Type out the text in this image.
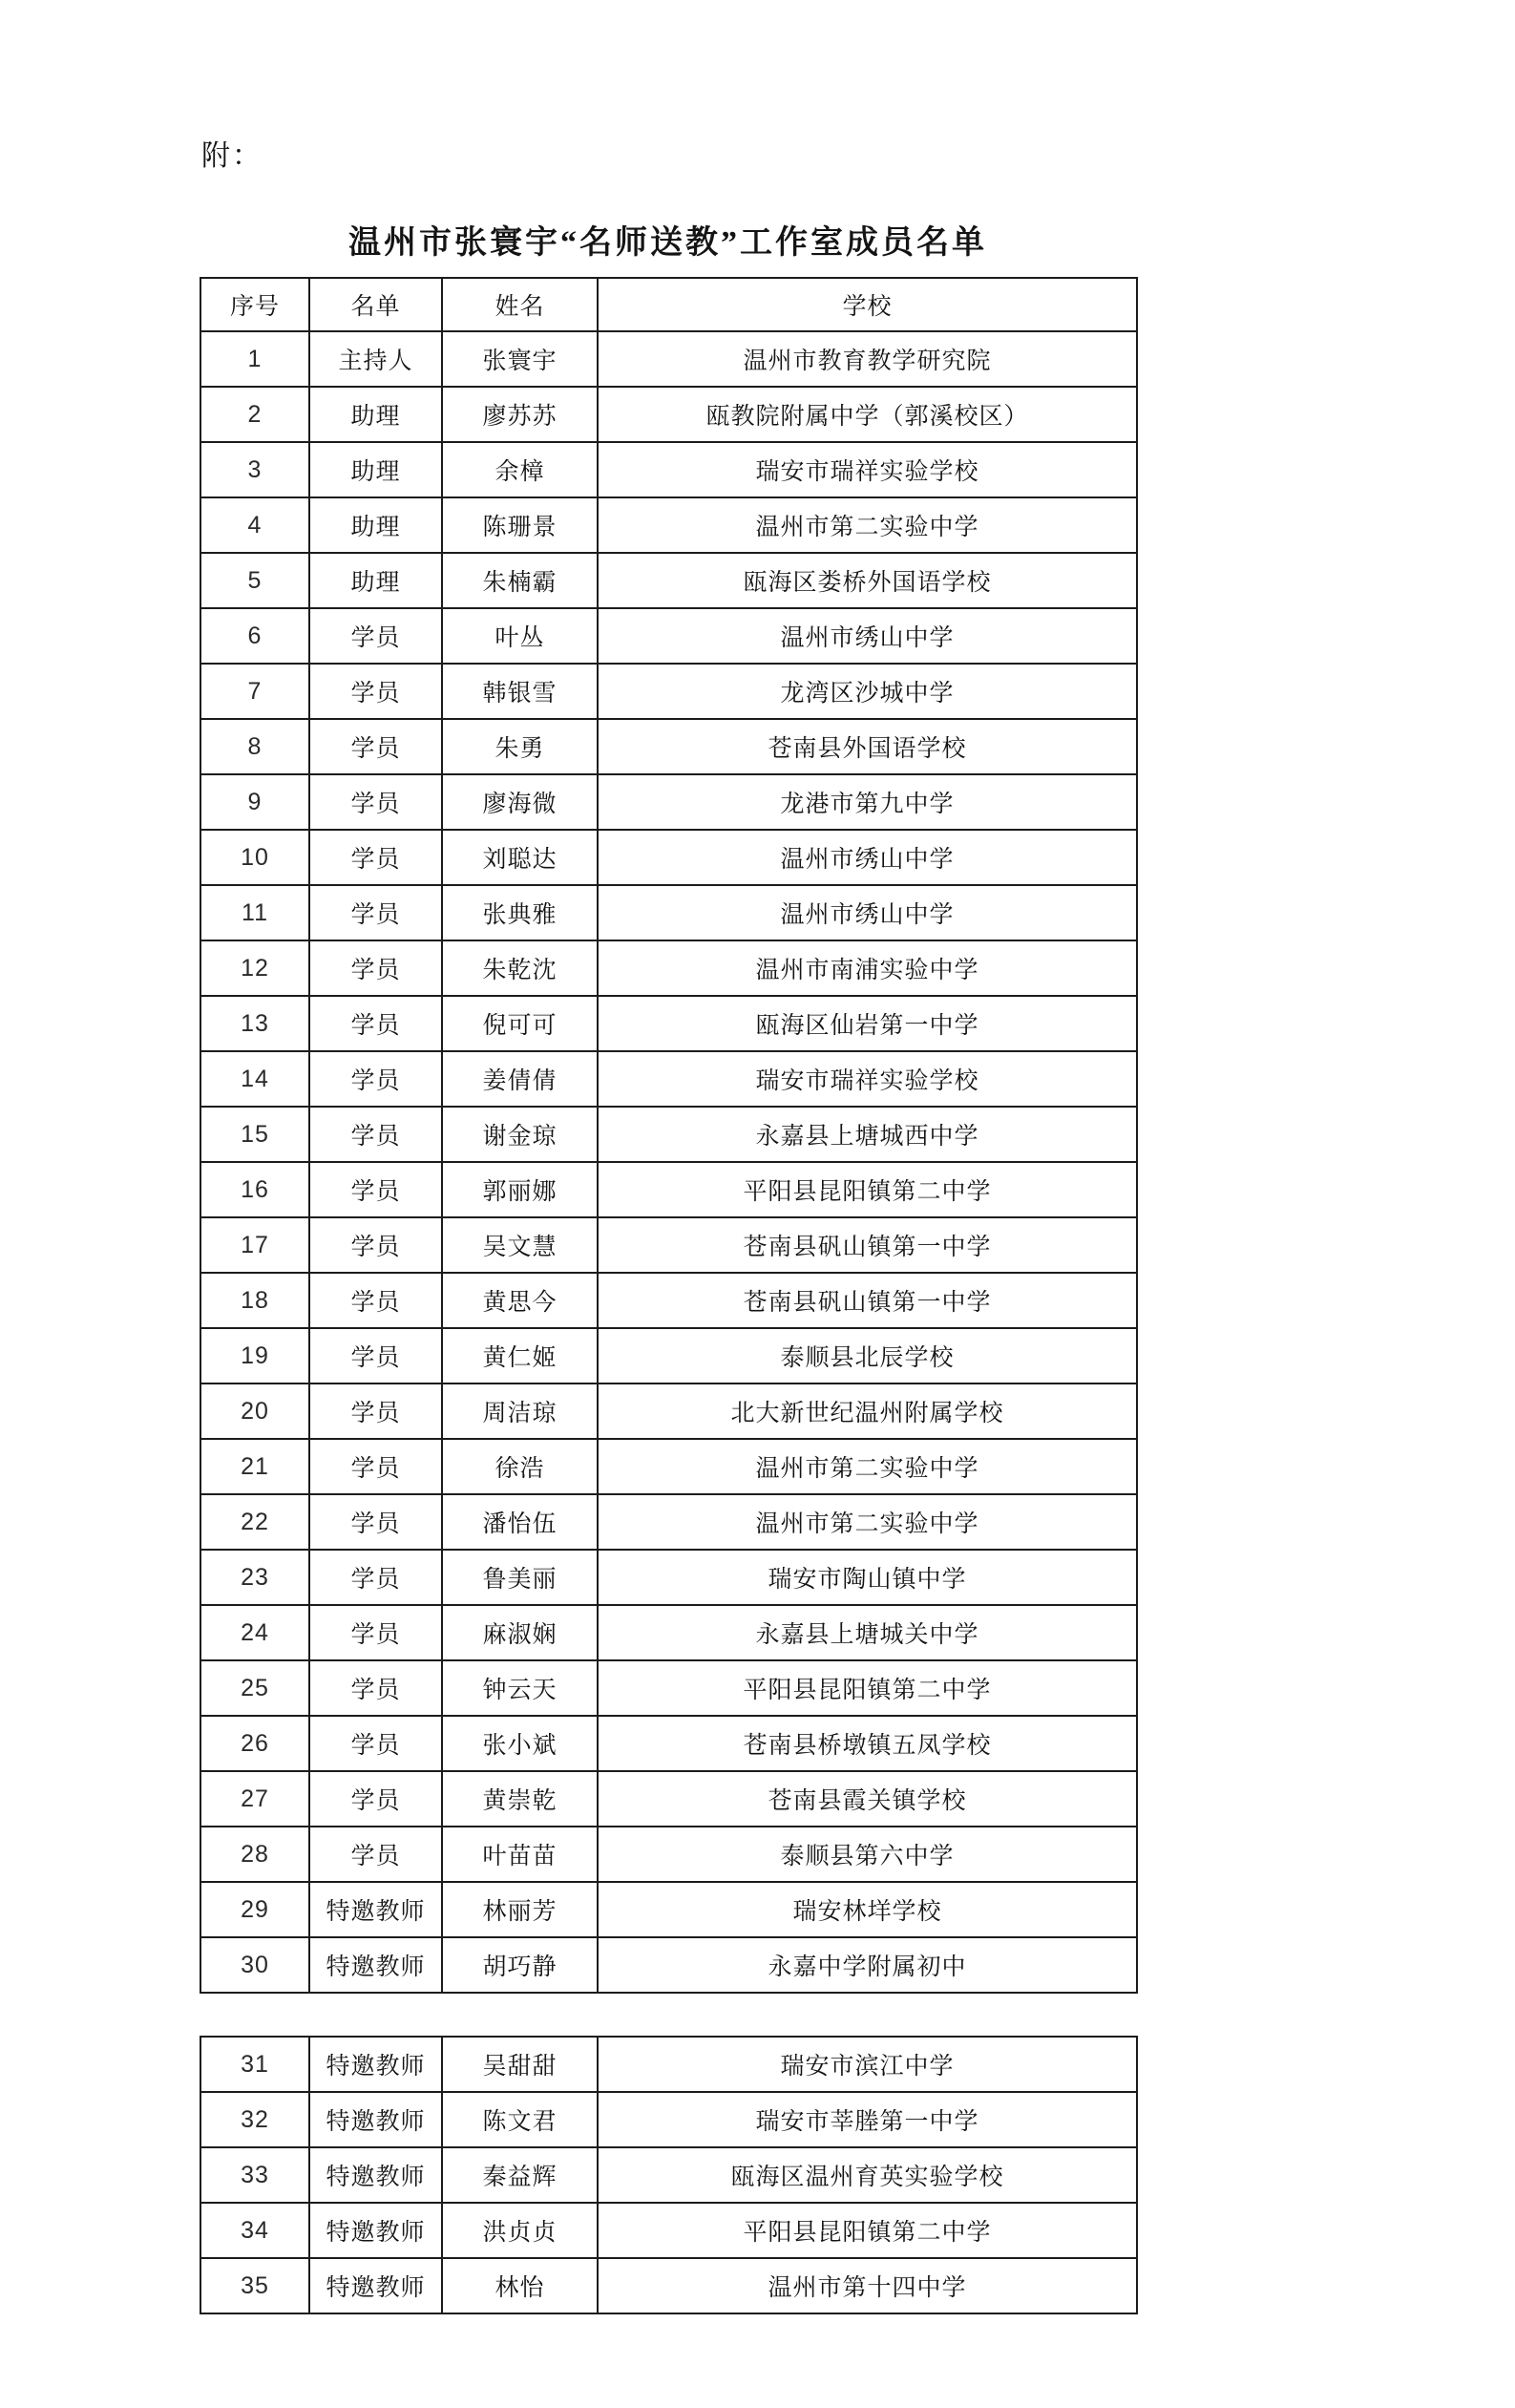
附：
温州市张寰宇“名师送教”工作室成员名单
序号	名单	姓名	学校
1	主持人	张寰宇	温州市教育教学研究院
2	助理	廖苏苏	瓯教院附属中学（郭溪校区）
3	助理	余樟	瑞安市瑞祥实验学校
4	助理	陈珊景	温州市第二实验中学
5	助理	朱楠霸	瓯海区娄桥外国语学校
6	学员	叶丛	温州市绣山中学
7	学员	韩银雪	龙湾区沙城中学
8	学员	朱勇	苍南县外国语学校
9	学员	廖海微	龙港市第九中学
10	学员	刘聪达	温州市绣山中学
11	学员	张典雅	温州市绣山中学
12	学员	朱乾沈	温州市南浦实验中学
13	学员	倪可可	瓯海区仙岩第一中学
14	学员	姜倩倩	瑞安市瑞祥实验学校
15	学员	谢金琼	永嘉县上塘城西中学
16	学员	郭丽娜	平阳县昆阳镇第二中学
17	学员	吴文慧	苍南县矾山镇第一中学
18	学员	黄思今	苍南县矾山镇第一中学
19	学员	黄仁姬	泰顺县北辰学校
20	学员	周洁琼	北大新世纪温州附属学校
21	学员	徐浩	温州市第二实验中学
22	学员	潘怡伍	温州市第二实验中学
23	学员	鲁美丽	瑞安市陶山镇中学
24	学员	麻淑娴	永嘉县上塘城关中学
25	学员	钟云天	平阳县昆阳镇第二中学
26	学员	张小斌	苍南县桥墩镇五凤学校
27	学员	黄崇乾	苍南县霞关镇学校
28	学员	叶苗苗	泰顺县第六中学
29	特邀教师	林丽芳	瑞安林垟学校
30	特邀教师	胡巧静	永嘉中学附属初中
31	特邀教师	吴甜甜	瑞安市滨江中学
32	特邀教师	陈文君	瑞安市莘塍第一中学
33	特邀教师	秦益辉	瓯海区温州育英实验学校
34	特邀教师	洪贞贞	平阳县昆阳镇第二中学
35	特邀教师	林怡	温州市第十四中学
